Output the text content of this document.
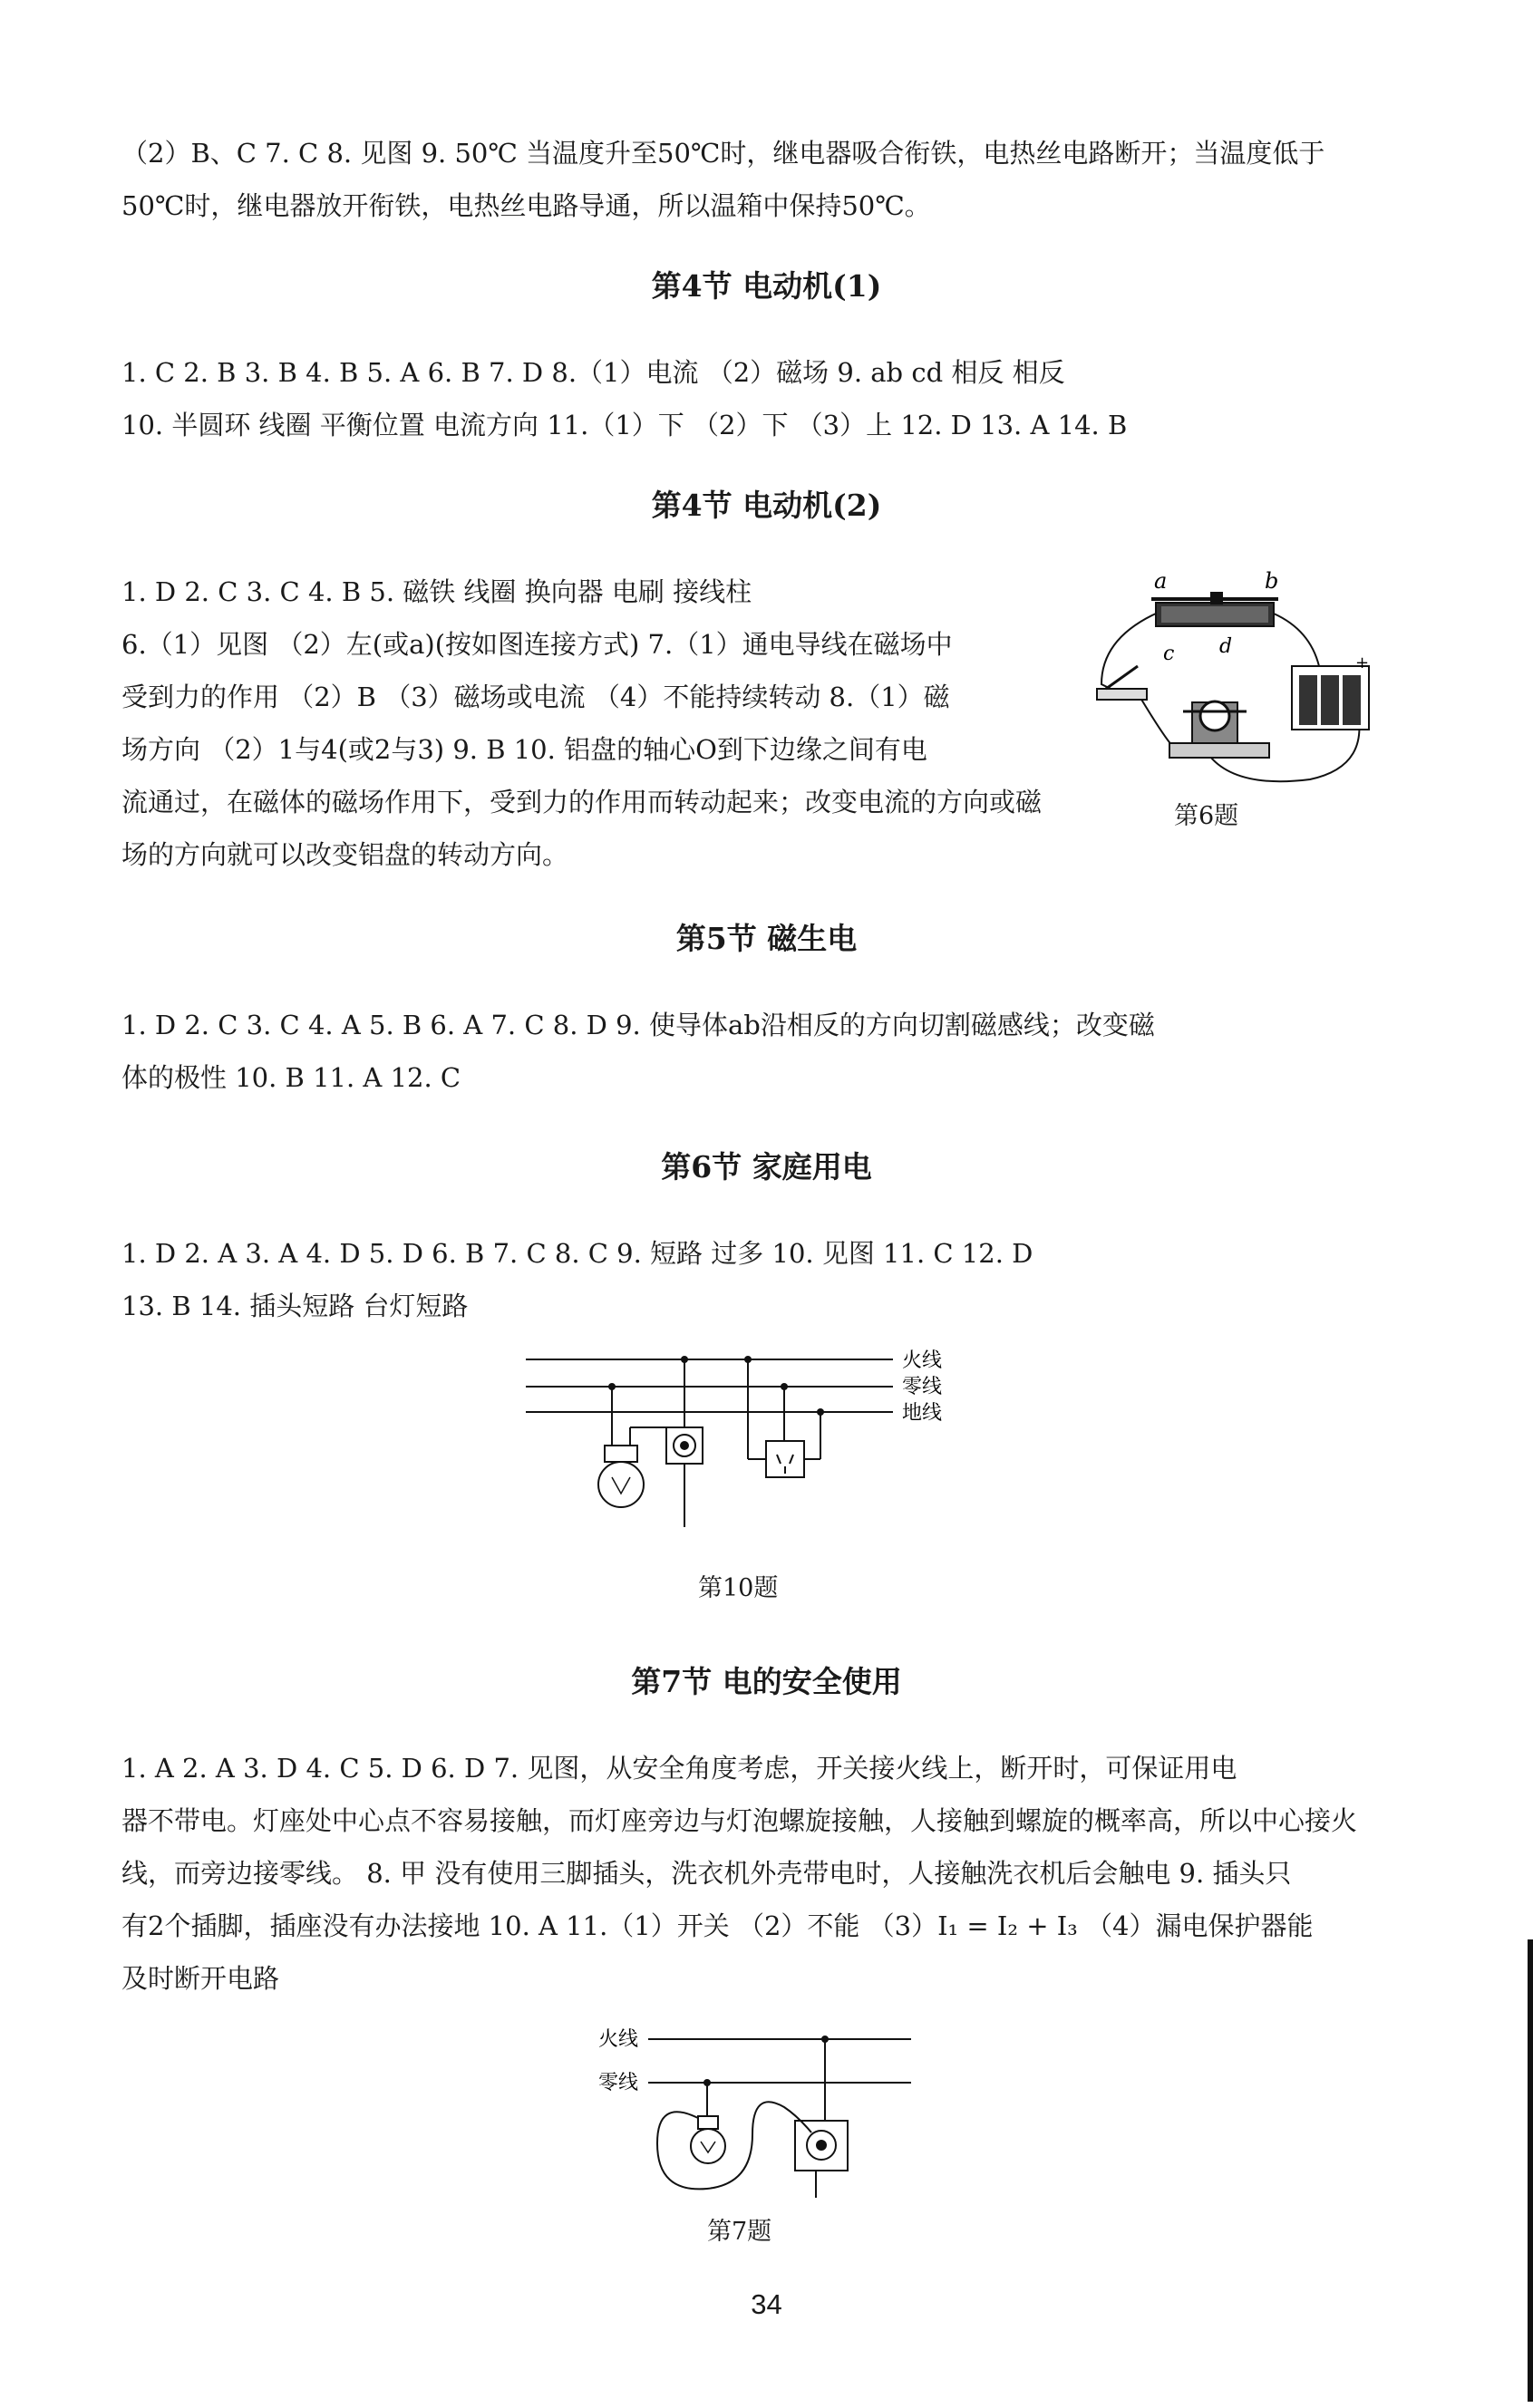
（2）B、C 7. C 8. 见图 9. 50℃ 当温度升至50℃时，继电器吸合衔铁，电热丝电路断开；当温度低于

50℃时，继电器放开衔铁，电热丝电路导通，所以温箱中保持50℃。

第4节 电动机(1)

1. C 2. B 3. B 4. B 5. A 6. B 7. D 8.（1）电流 （2）磁场 9. ab cd 相反 相反

10. 半圆环 线圈 平衡位置 电流方向 11.（1）下 （2）下 （3）上 12. D 13. A 14. B

第4节 电动机(2)

1. D 2. C 3. C 4. B 5. 磁铁 线圈 换向器 电刷 接线柱

6.（1）见图 （2）左(或a)(按如图连接方式) 7.（1）通电导线在磁场中

受到力的作用 （2）B （3）磁场或电流 （4）不能持续转动 8.（1）磁

场方向 （2）1与4(或2与3) 9. B 10. 铝盘的轴心O到下边缘之间有电

流通过，在磁体的磁场作用下，受到力的作用而转动起来；改变电流的方向或磁

场的方向就可以改变铝盘的转动方向。

a	b
c d
+
第6题
第5节 磁生电

1. D 2. C 3. C 4. A 5. B 6. A 7. C 8. D 9. 使导体ab沿相反的方向切割磁感线；改变磁

体的极性 10. B 11. A 12. C

第6节 家庭用电

1. D 2. A 3. A 4. D 5. D 6. B 7. C 8. C 9. 短路 过多 10. 见图 11. C 12. D

13. B 14. 插头短路 台灯短路

火线
零线
地线
第10题
第7节 电的安全使用

1. A 2. A 3. D 4. C 5. D 6. D 7. 见图，从安全角度考虑，开关接火线上，断开时，可保证用电

器不带电。灯座处中心点不容易接触，而灯座旁边与灯泡螺旋接触，人接触到螺旋的概率高，所以中心接火

线，而旁边接零线。 8. 甲 没有使用三脚插头，洗衣机外壳带电时，人接触洗衣机后会触电 9. 插头只

有2个插脚，插座没有办法接地 10. A 11.（1）开关 （2）不能 （3）I₁ = I₂ + I₃ （4）漏电保护器能

及时断开电路

火线
零线
第7题
34
